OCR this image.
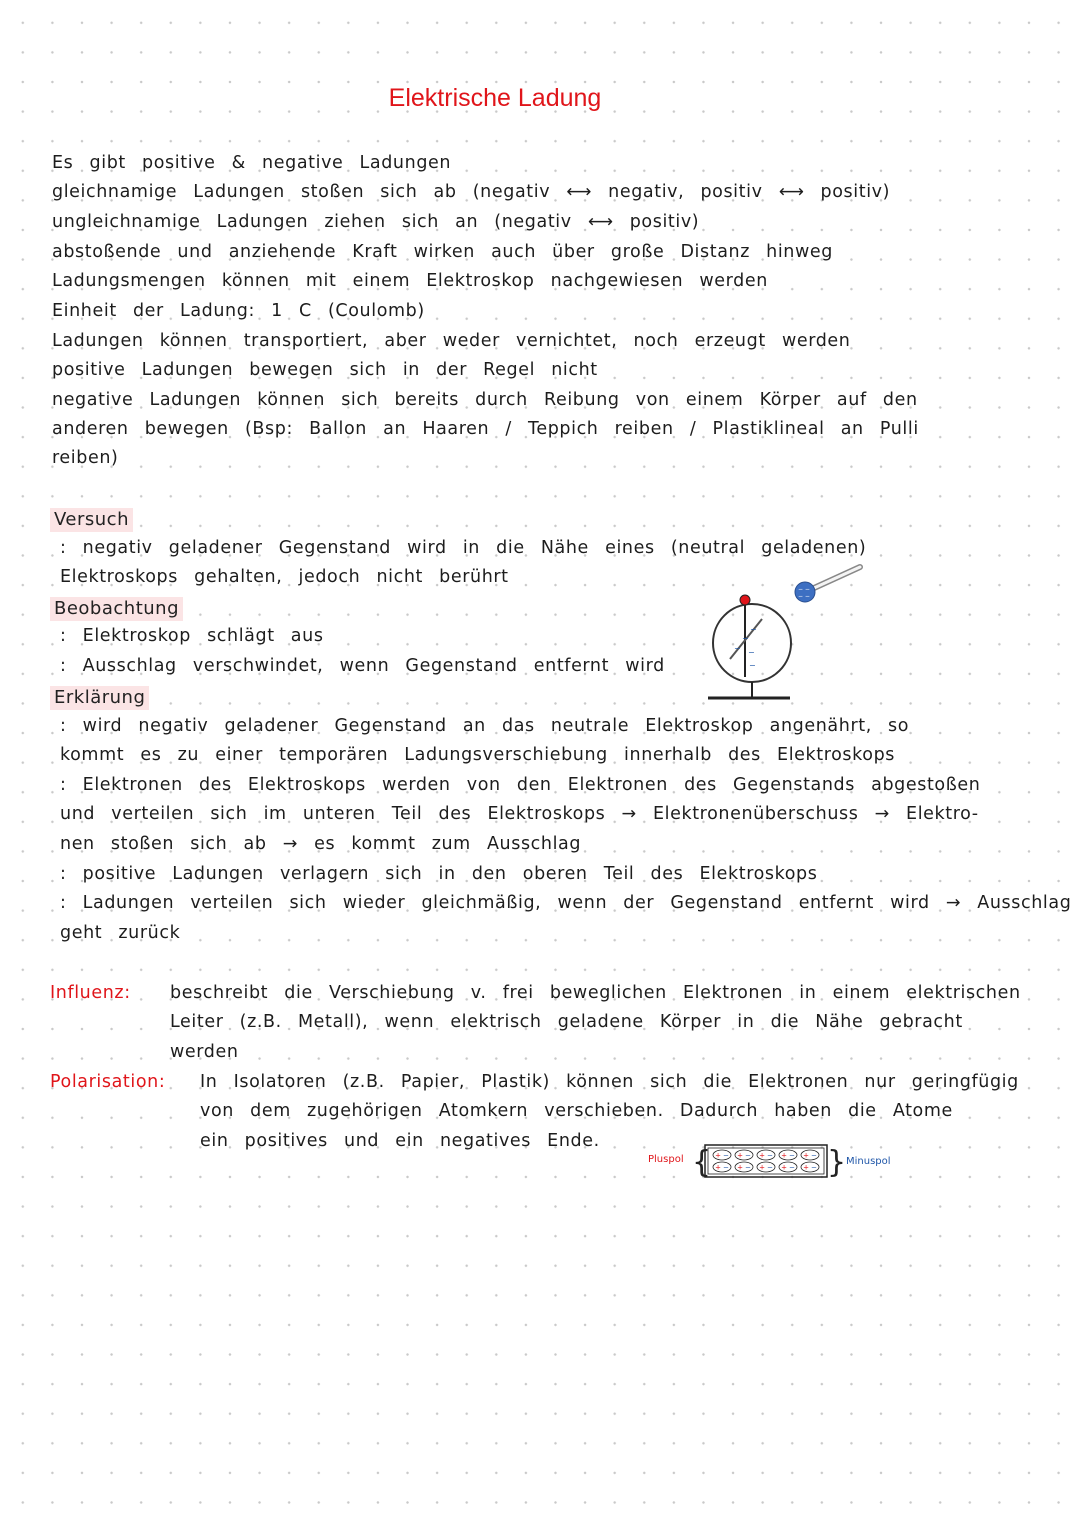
Elektrische Ladung
Es gibt positive & negative Ladungen
gleichnamige Ladungen stoßen sich ab (negativ ⟷ negativ, positiv ⟷ positiv)
ungleichnamige Ladungen ziehen sich an (negativ ⟷ positiv)
abstoßende und anziehende Kraft wirken auch über große Distanz hinweg
Ladungsmengen können mit einem Elektroskop nachgewiesen werden
Einheit der Ladung: 1 C (Coulomb)
Ladungen können transportiert, aber weder vernichtet, noch erzeugt werden
positive Ladungen bewegen sich in der Regel nicht
negative Ladungen können sich bereits durch Reibung von einem Körper auf den
anderen bewegen (Bsp: Ballon an Haaren / Teppich reiben / Plastiklineal an Pulli
reiben)
Versuch
: negativ geladener Gegenstand wird in die Nähe eines (neutral geladenen)
Elektroskops gehalten, jedoch nicht berührt
Beobachtung
: Elektroskop schlägt aus
: Ausschlag verschwindet, wenn Gegenstand entfernt wird
− −
− −
−
−
−
−
−
Erklärung
: wird negativ geladener Gegenstand an das neutrale Elektroskop angenährt, so
kommt es zu einer temporären Ladungsverschiebung innerhalb des Elektroskops
: Elektronen des Elektroskops werden von den Elektronen des Gegenstands abgestoßen
und verteilen sich im unteren Teil des Elektroskops → Elektronenüberschuss → Elektro-
nen stoßen sich ab → es kommt zum Ausschlag
: positive Ladungen verlagern sich in den oberen Teil des Elektroskops
: Ladungen verteilen sich wieder gleichmäßig, wenn der Gegenstand entfernt wird → Ausschlag
geht zurück
Influenz: beschreibt die Verschiebung v. frei beweglichen Elektronen in einem elektrischen
Leiter (z.B. Metall), wenn elektrisch geladene Körper in die Nähe gebracht
werden
Polarisation: In Isolatoren (z.B. Papier, Plastik) können sich die Elektronen nur geringfügig
von dem zugehörigen Atomkern verschieben. Dadurch haben die Atome
ein positives und ein negatives Ende.
Pluspol	Minuspol
{	}
+ − + − + − + − + −
+ − + − + − + − + −
